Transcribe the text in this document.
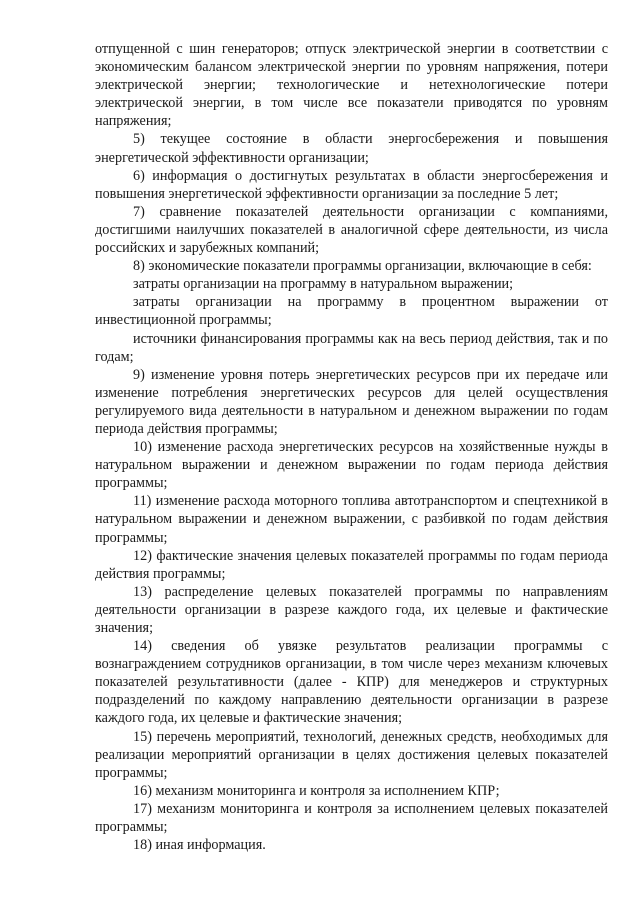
отпущенной с шин генераторов; отпуск электрической энергии в соответствии с экономическим балансом электрической энергии по уровням напряжения, потери электрической энергии; технологические и нетехнологические потери электрической энергии, в том числе все показатели приводятся по уровням напряжения;

5) текущее состояние в области энергосбережения и повышения энергетической эффективности организации;

6) информация о достигнутых результатах в области энергосбережения и повышения энергетической эффективности организации за последние 5 лет;

7) сравнение показателей деятельности организации с компаниями, достигшими наилучших показателей в аналогичной сфере деятельности, из числа российских и зарубежных компаний;

8) экономические показатели программы организации, включающие в себя:

затраты организации на программу в натуральном выражении;

затраты организации на программу в процентном выражении от инвестиционной программы;

источники финансирования программы как на весь период действия, так и по годам;

9) изменение уровня потерь энергетических ресурсов при их передаче или изменение потребления энергетических ресурсов для целей осуществления регулируемого вида деятельности в натуральном и денежном выражении по годам периода действия программы;

10) изменение расхода энергетических ресурсов на хозяйственные нужды в натуральном выражении и денежном выражении по годам периода действия программы;

11) изменение расхода моторного топлива автотранспортом и спецтехникой в натуральном выражении и денежном выражении, с разбивкой по годам действия программы;

12) фактические значения целевых показателей программы по годам периода действия программы;

13) распределение целевых показателей программы по направлениям деятельности организации в разрезе каждого года, их целевые и фактические значения;

14) сведения об увязке результатов реализации программы с вознаграждением сотрудников организации, в том числе через механизм ключевых показателей результативности (далее - КПР) для менеджеров и структурных подразделений по каждому направлению деятельности организации в разрезе каждого года, их целевые и фактические значения;

15) перечень мероприятий, технологий, денежных средств, необходимых для реализации мероприятий организации в целях достижения целевых показателей программы;

16) механизм мониторинга и контроля за исполнением КПР;

17) механизм мониторинга и контроля за исполнением целевых показателей программы;

18) иная информация.
